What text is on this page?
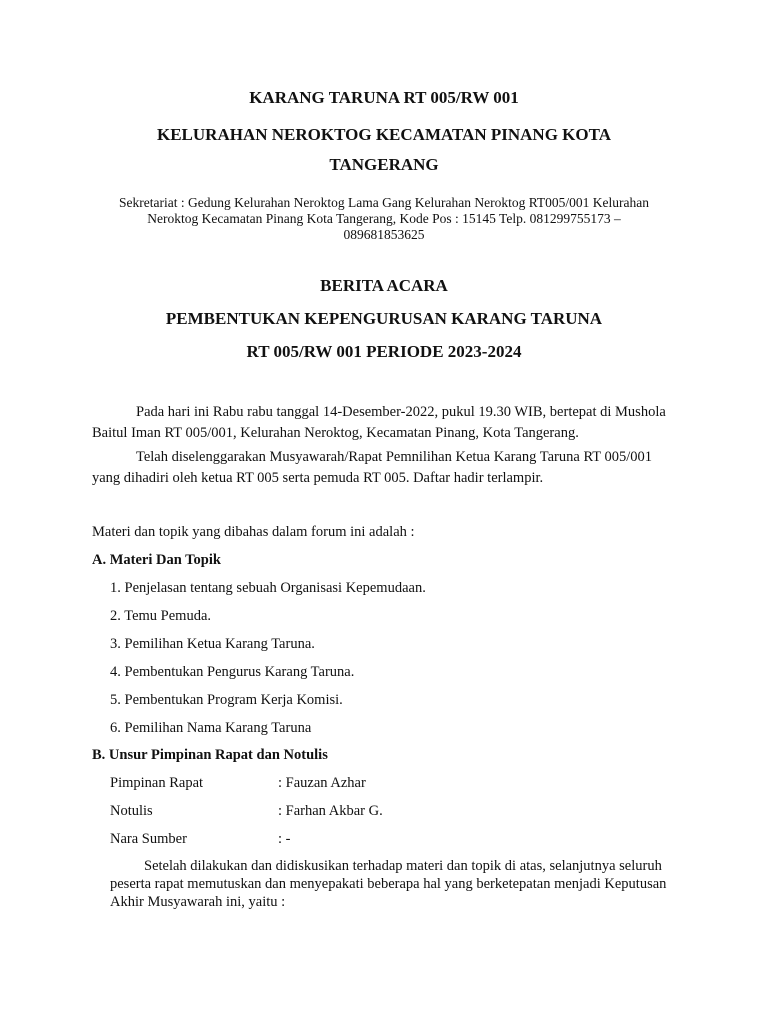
KARANG TARUNA RT 005/RW 001

KELURAHAN NEROKTOG KECAMATAN PINANG KOTA

TANGERANG

Sekretariat : Gedung Kelurahan Neroktog Lama Gang Kelurahan Neroktog RT005/001 Kelurahan

Neroktog Kecamatan Pinang Kota Tangerang, Kode Pos : 15145 Telp. 081299755173 –

089681853625

BERITA ACARA

PEMBENTUKAN KEPENGURUSAN KARANG TARUNA

RT 005/RW 001 PERIODE 2023-2024

Pada hari ini Rabu rabu tanggal 14-Desember-2022, pukul 19.30 WIB, bertepat di Mushola Baitul Iman RT 005/001, Kelurahan Neroktog, Kecamatan Pinang, Kota Tangerang.

Telah diselenggarakan Musyawarah/Rapat Pemnilihan Ketua Karang Taruna RT 005/001 yang dihadiri oleh ketua RT 005 serta pemuda RT 005. Daftar hadir terlampir.

Materi dan topik yang dibahas dalam forum ini adalah :

A. Materi Dan Topik

1. Penjelasan tentang sebuah Organisasi Kepemudaan.

2. Temu Pemuda.

3. Pemilihan Ketua Karang Taruna.

4. Pembentukan Pengurus Karang Taruna.

5. Pembentukan Program Kerja Komisi.

6. Pemilihan Nama Karang Taruna

B. Unsur Pimpinan Rapat dan Notulis

Pimpinan Rapat	: Fauzan Azhar

Notulis	: Farhan Akbar G.

Nara Sumber	: -

Setelah dilakukan dan didiskusikan terhadap materi dan topik di atas, selanjutnya seluruh peserta rapat memutuskan dan menyepakati beberapa hal yang berketepatan menjadi Keputusan Akhir Musyawarah ini, yaitu :
